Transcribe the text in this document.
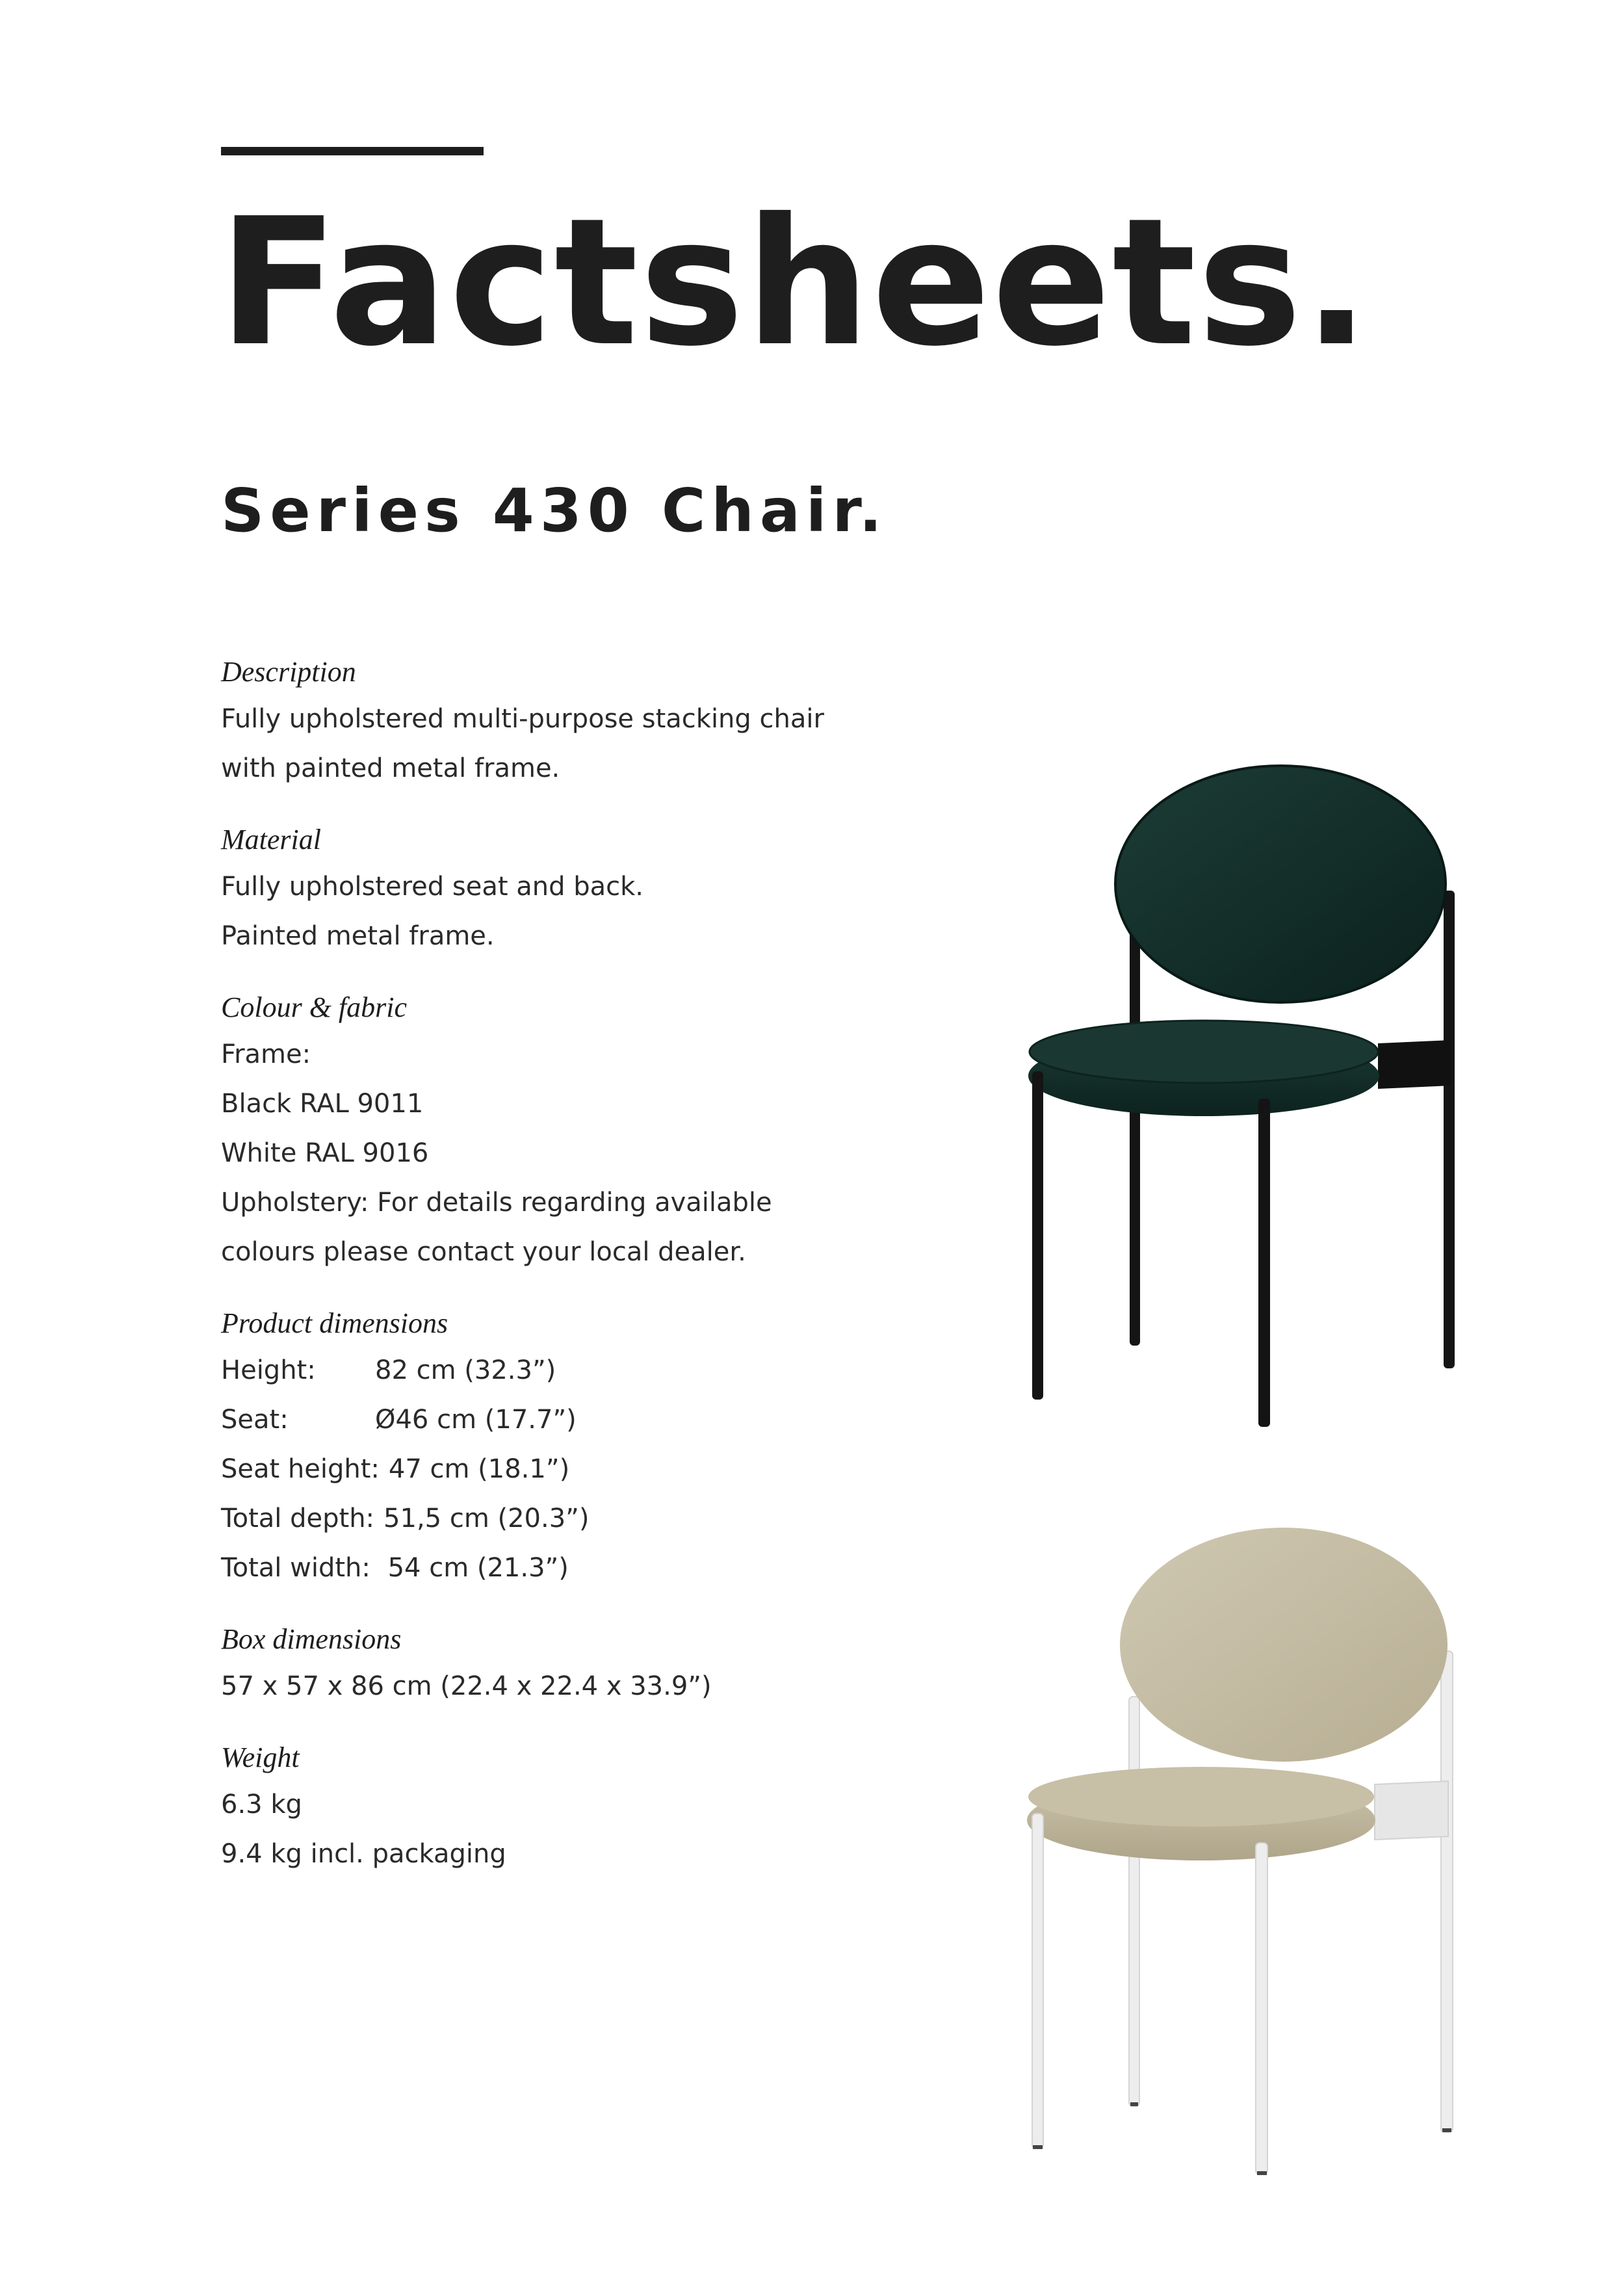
Factsheets.
Series 430 Chair.
Description
Fully upholstered multi-purpose stacking chair
with painted metal frame.
Material
Fully upholstered seat and back.
Painted metal frame.
Colour & fabric
Frame:
Black RAL 9011
White RAL 9016
Upholstery: For details regarding available
colours please contact your local dealer.
Product dimensions
Height:	82 cm (32.3”)
Seat:	Ø46 cm (17.7”)
Seat height: 47 cm (18.1”)
Total depth: 51,5 cm (20.3”)
Total width: 54 cm (21.3”)
Box dimensions
57 x 57 x 86 cm (22.4 x 22.4 x 33.9”)
Weight
6.3 kg
9.4 kg incl. packaging
